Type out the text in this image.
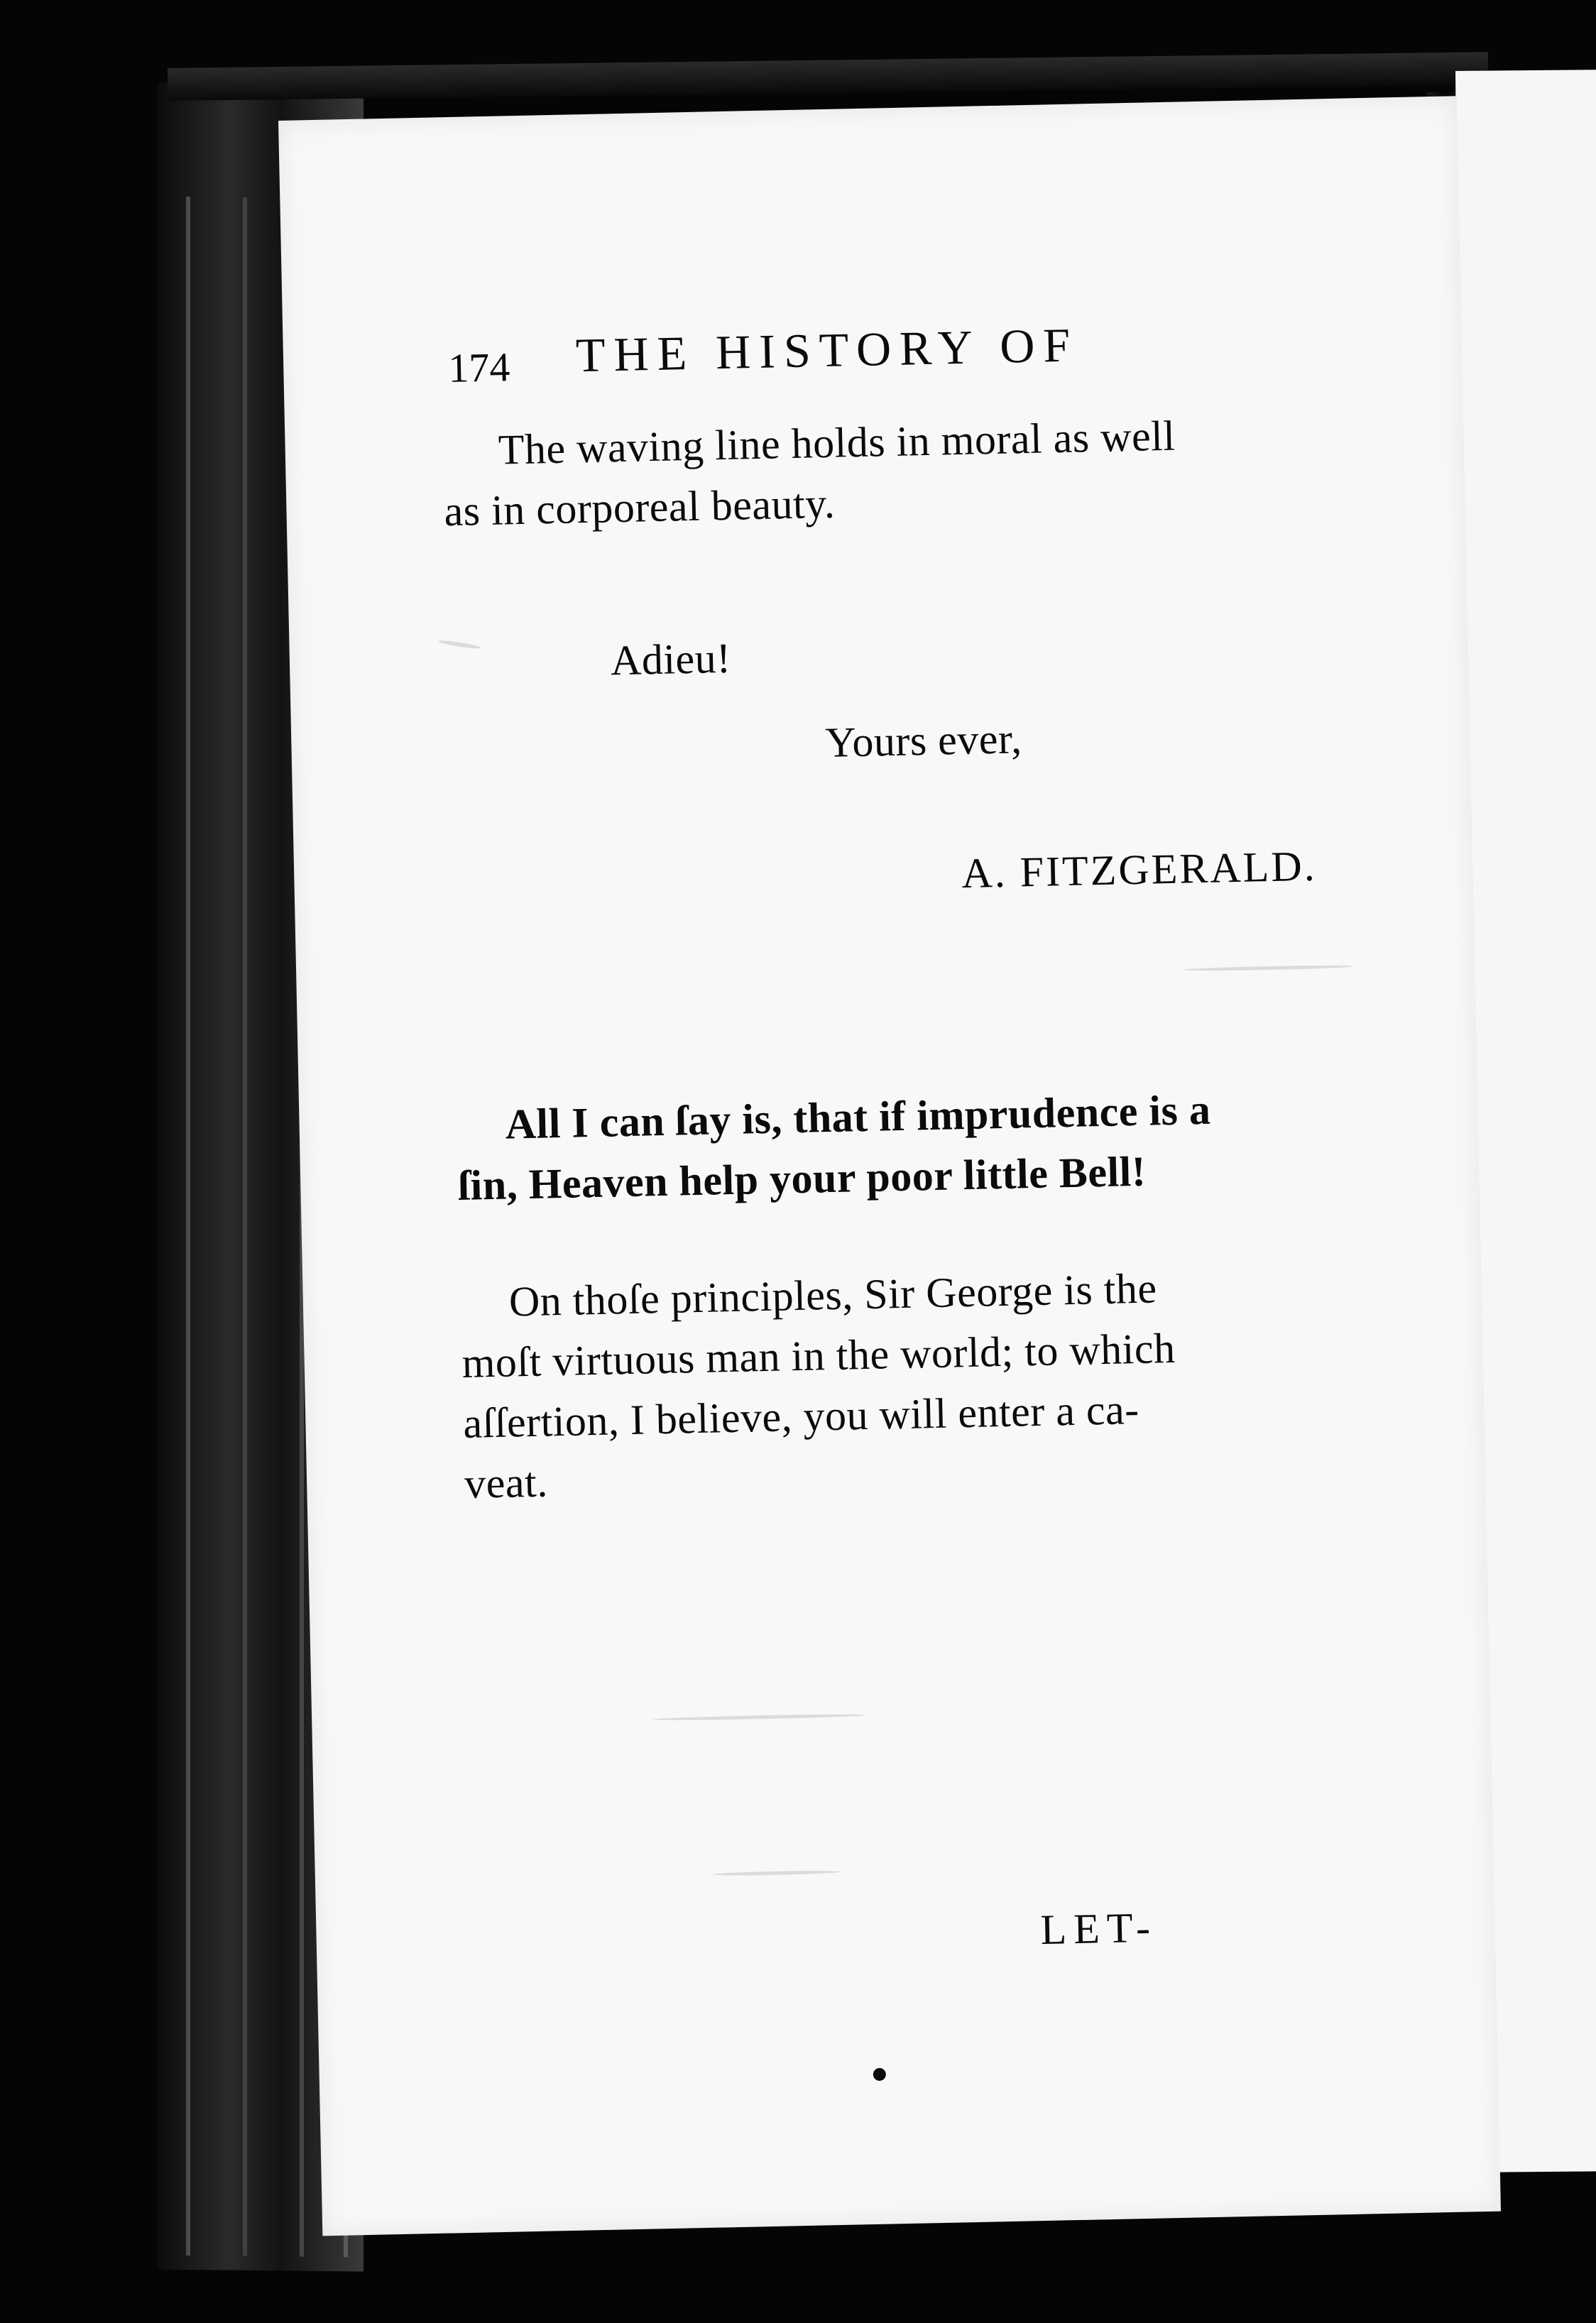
174 THE HISTORY OF
The waving line holds in moral as well
as in corporeal beauty.
Adieu!
Yours ever,
A. FITZGERALD.
All I can ſay is, that if imprudence is a
ſin, Heaven help your poor little Bell!
On thoſe principles, Sir George is the
moſt virtuous man in the world; to which
aſſertion, I believe, you will enter a ca-
veat.
LET-
